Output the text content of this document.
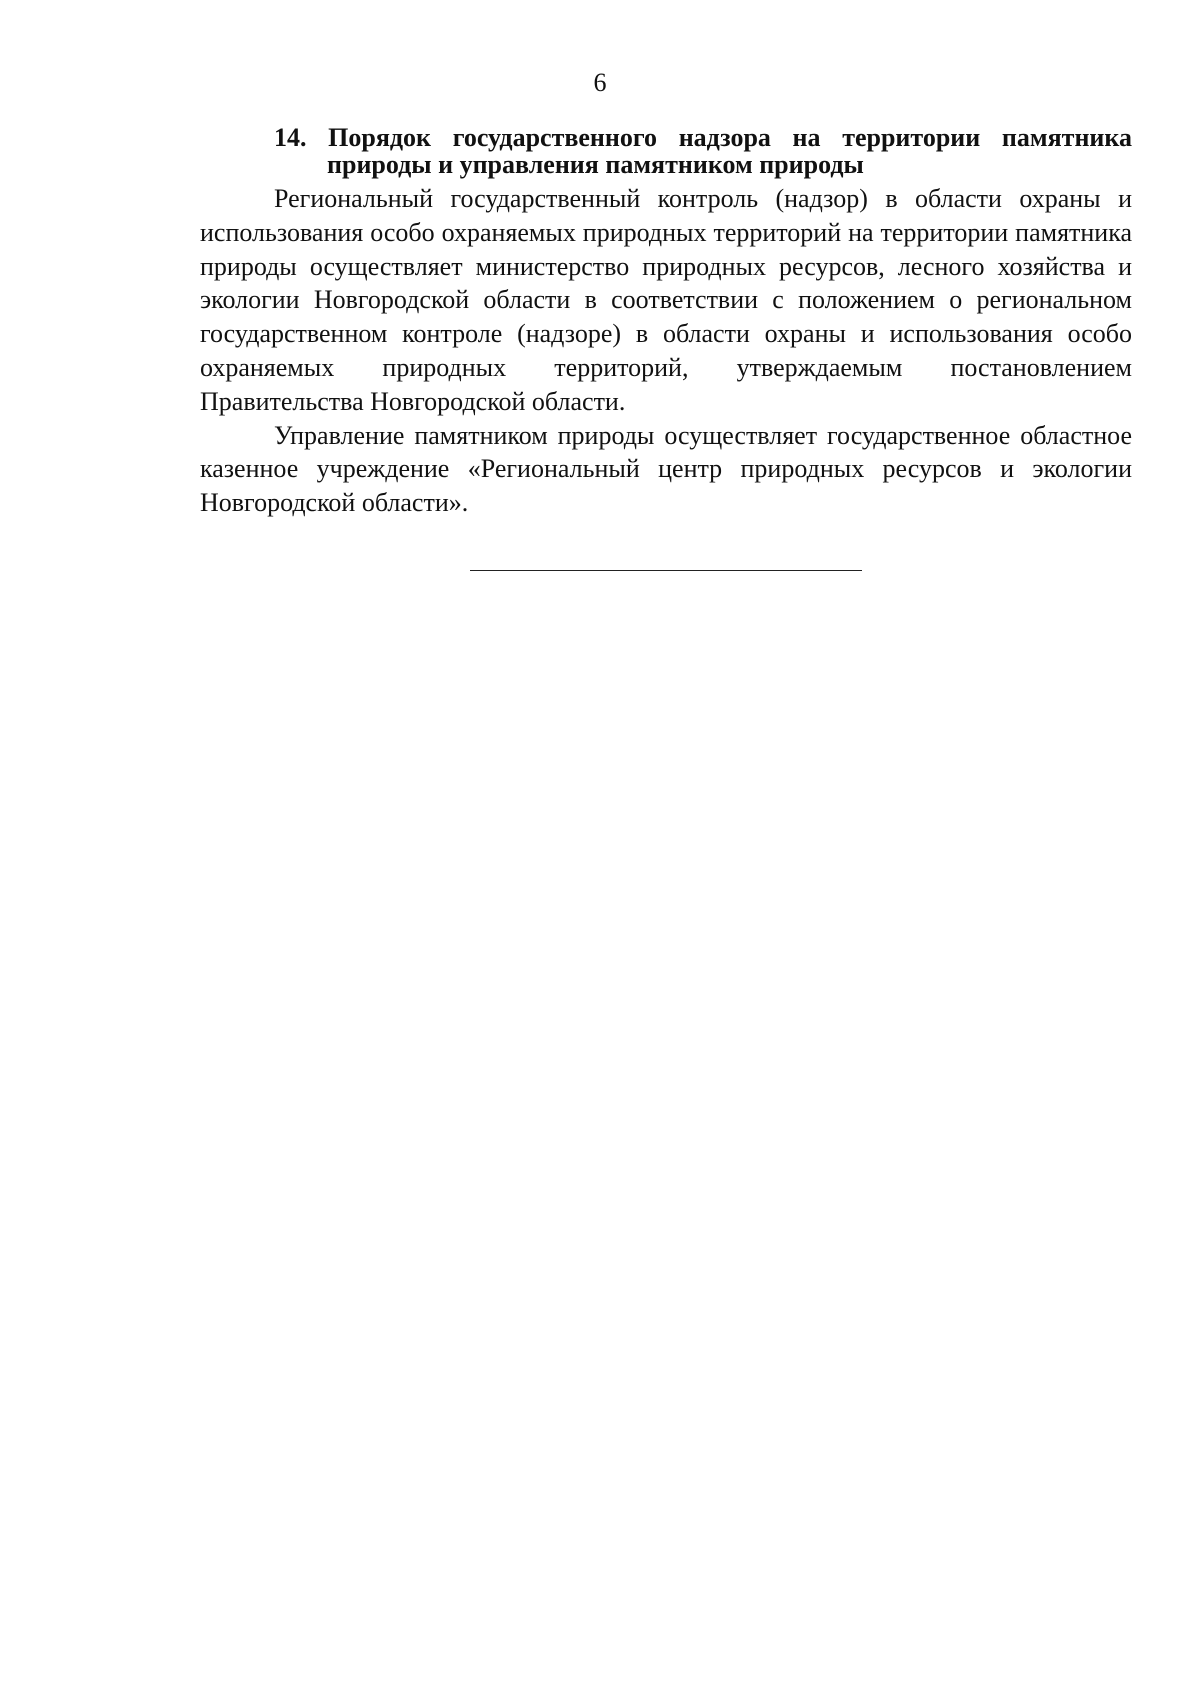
6
14. Порядок государственного надзора на территории памятника
природы и управления памятником природы

Региональный государственный контроль (надзор) в области охраны и использования особо охраняемых природных территорий на территории памятника природы осуществляет министерство природных ресурсов, лесного хозяйства и экологии Новгородской области в соответствии с положением о региональном государственном контроле (надзоре) в области охраны и использования особо охраняемых природных территорий, утверждаемым постановлением Правительства Новгородской области.

Управление памятником природы осуществляет государственное областное казенное учреждение «Региональный центр природных ресурсов и экологии Новгородской области».
